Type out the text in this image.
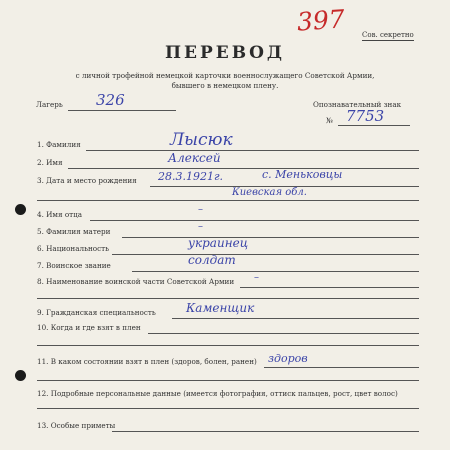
397 Сов. секретно
ПЕРЕВОД
с личной трофейной немецкой карточки военнослужащего Советской Армии,
бывшего в немецком плену.
Лагерь 326	Опознавательный знак
№ 7753
1. Фамилия	Лысюк
2. Имя	Алексей
3. Дата и место рождения 28.3.1921г.	с. Меньковцы
Киевская обл.
4. Имя отца	–
5. Фамилия матери	–
6. Национальность	украинец
7. Воинское звание	солдат
8. Наименование воинской части Советской Армии –
9. Гражданская специальность	Каменщик
10. Когда и где взят в плен
11. В каком состоянии взят в плен (здоров, болен, ранен) здоров
12. Подробные персональные данные (имеется фотография, оттиск пальцев, рост, цвет волос)
13. Особые приметы
